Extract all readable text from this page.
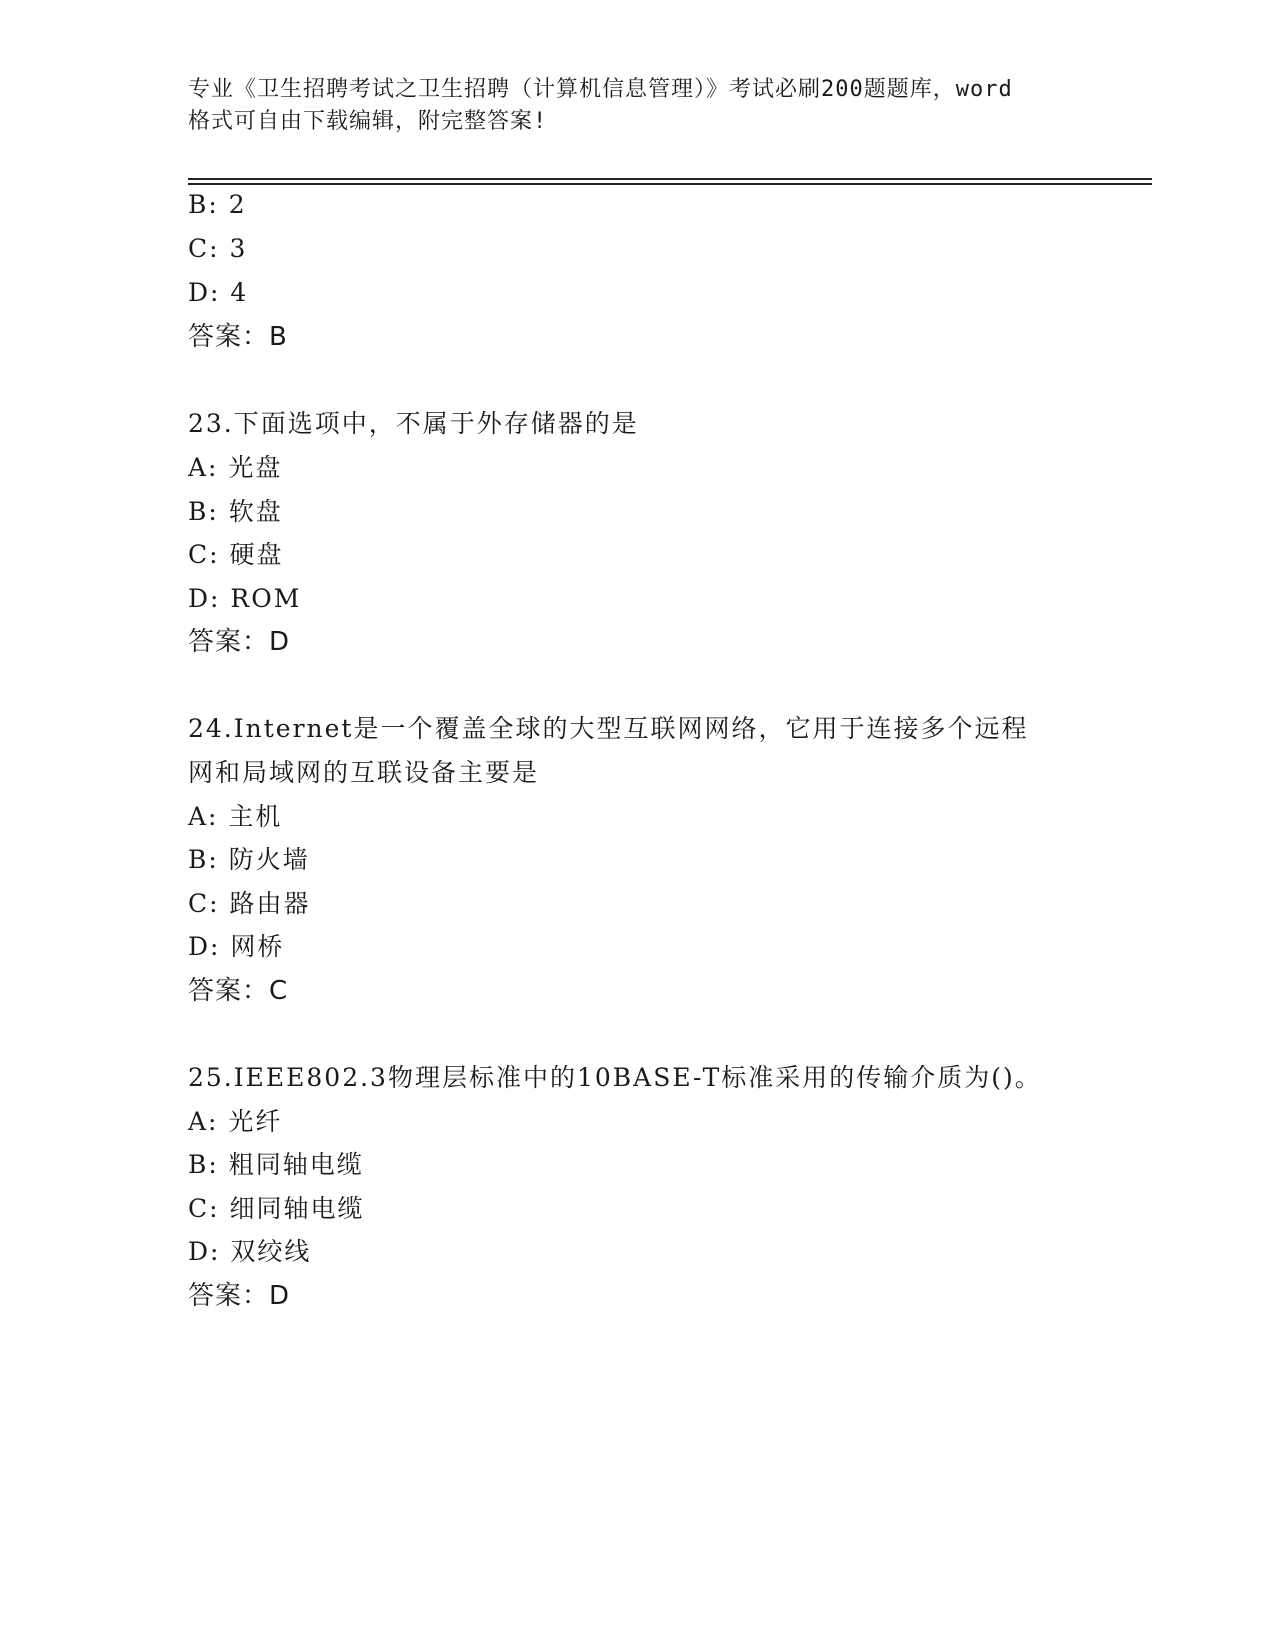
专业《卫生招聘考试之卫生招聘（计算机信息管理）》考试必刷200题题库，word
格式可自由下载编辑，附完整答案!
B: 2
C: 3
D: 4
答案：B
23.下面选项中，不属于外存储器的是
A: 光盘
B: 软盘
C: 硬盘
D: ROM
答案：D
24.Internet是一个覆盖全球的大型互联网网络，它用于连接多个远程
网和局域网的互联设备主要是
A: 主机
B: 防火墙
C: 路由器
D: 网桥
答案：C
25.IEEE802.3物理层标准中的10BASE-T标准采用的传输介质为()。
A: 光纤
B: 粗同轴电缆
C: 细同轴电缆
D: 双绞线
答案：D
